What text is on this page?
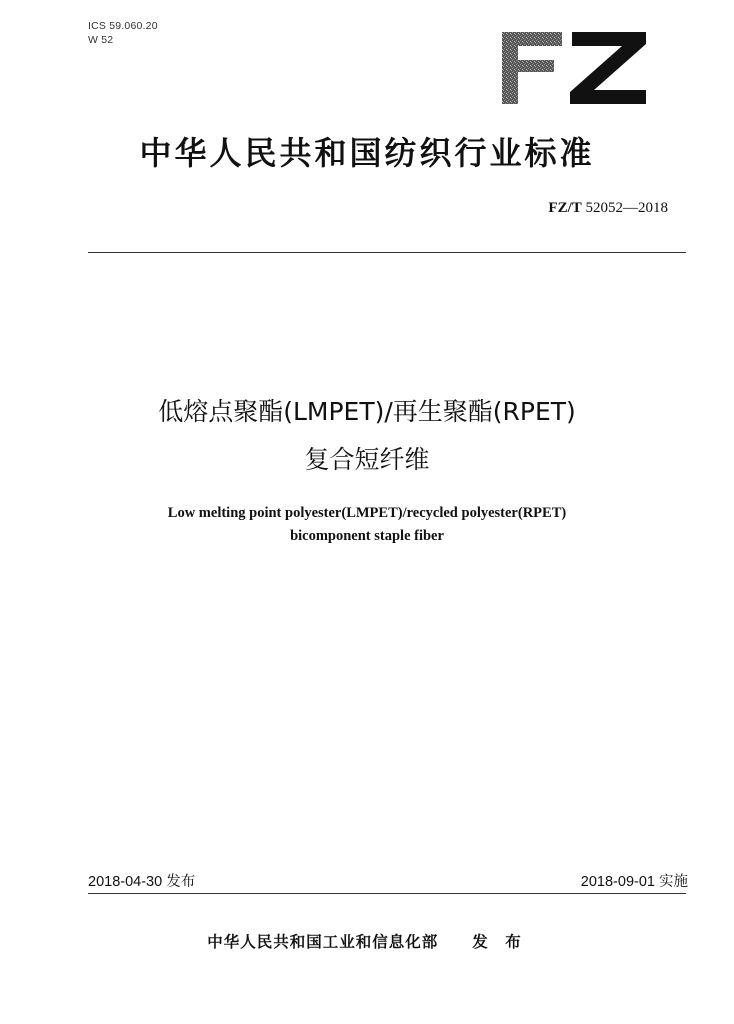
ICS 59.060.20
W 52
中华人民共和国纺织行业标准
FZ/T 52052—2018
低熔点聚酯(LMPET)/再生聚酯(RPET)
复合短纤维
Low melting point polyester(LMPET)/recycled polyester(RPET)
bicomponent staple fiber
2018-04-30 发布	2018-09-01 实施
中华人民共和国工业和信息化部 发 布
